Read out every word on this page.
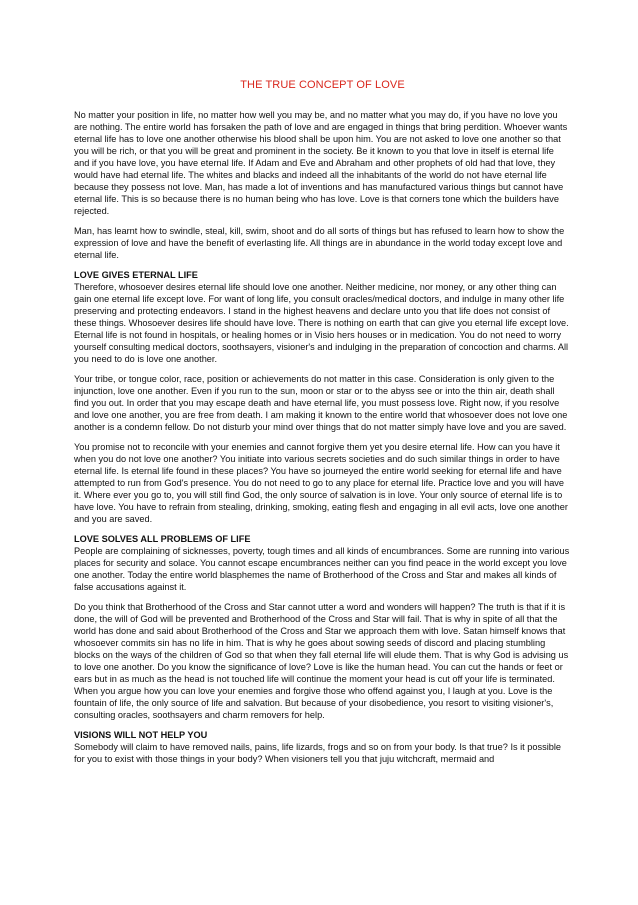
THE TRUE CONCEPT OF LOVE

No matter your position in life, no matter how well you may be, and no matter what you may do, if you have no love you are nothing. The entire world has forsaken the path of love and are engaged in things that bring perdition. Whoever wants eternal life has to love one another otherwise his blood shall be upon him. You are not asked to love one another so that you will be rich, or that you will be great and prominent in the society. Be it known to you that love in itself is eternal life and if you have love, you have eternal life. If Adam and Eve and Abraham and other prophets of old had that love, they would have had eternal life. The whites and blacks and indeed all the inhabitants of the world do not have eternal life because they possess not love. Man, has made a lot of inventions and has manufactured various things but cannot have eternal life. This is so because there is no human being who has love. Love is that corners tone which the builders have rejected.

Man, has learnt how to swindle, steal, kill, swim, shoot and do all sorts of things but has refused to learn how to show the expression of love and have the benefit of everlasting life. All things are in abundance in the world today except love and eternal life.

LOVE GIVES ETERNAL LIFE

Therefore, whosoever desires eternal life should love one another. Neither medicine, nor money, or any other thing can gain one eternal life except love. For want of long life, you consult oracles/medical doctors, and indulge in many other life preserving and protecting endeavors. I stand in the highest heavens and declare unto you that life does not consist of these things. Whosoever desires life should have love. There is nothing on earth that can give you eternal life except love. Eternal life is not found in hospitals, or healing homes or in Visio hers houses or in medication. You do not need to worry yourself consulting medical doctors, soothsayers, visioner's and indulging in the preparation of concoction and charms. All you need to do is love one another.

Your tribe, or tongue color, race, position or achievements do not matter in this case. Consideration is only given to the injunction, love one another. Even if you run to the sun, moon or star or to the abyss see or into the thin air, death shall find you out. In order that you may escape death and have eternal life, you must possess love. Right now, if you resolve and love one another, you are free from death. I am making it known to the entire world that whosoever does not love one another is a condemn fellow. Do not disturb your mind over things that do not matter simply have love and you are saved.

You promise not to reconcile with your enemies and cannot forgive them yet you desire eternal life. How can you have it when you do not love one another? You initiate into various secrets societies and do such similar things in order to have eternal life. Is eternal life found in these places? You have so journeyed the entire world seeking for eternal life and have attempted to run from God's presence. You do not need to go to any place for eternal life. Practice love and you will have it. Where ever you go to, you will still find God, the only source of salvation is in love. Your only source of eternal life is to have love. You have to refrain from stealing, drinking, smoking, eating flesh and engaging in all evil acts, love one another and you are saved.

LOVE SOLVES ALL PROBLEMS OF LIFE

People are complaining of sicknesses, poverty, tough times and all kinds of encumbrances. Some are running into various places for security and solace. You cannot escape encumbrances neither can you find peace in the world except you love one another. Today the entire world blasphemes the name of Brotherhood of the Cross and Star and makes all kinds of false accusations against it.

Do you think that Brotherhood of the Cross and Star cannot utter a word and wonders will happen? The truth is that if it is done, the will of God will be prevented and Brotherhood of the Cross and Star will fail. That is why in spite of all that the world has done and said about Brotherhood of the Cross and Star we approach them with love. Satan himself knows that whosoever commits sin has no life in him. That is why he goes about sowing seeds of discord and placing stumbling blocks on the ways of the children of God so that when they fall eternal life will elude them. That is why God is advising us to love one another. Do you know the significance of love? Love is like the human head. You can cut the hands or feet or ears but in as much as the head is not touched life will continue the moment your head is cut off your life is terminated. When you argue how you can love your enemies and forgive those who offend against you, I laugh at you. Love is the fountain of life, the only source of life and salvation. But because of your disobedience, you resort to visiting visioner's, consulting oracles, soothsayers and charm removers for help.

VISIONS WILL NOT HELP YOU

Somebody will claim to have removed nails, pains, life lizards, frogs and so on from your body. Is that true? Is it possible for you to exist with those things in your body? When visioners tell you that juju witchcraft, mermaid and
